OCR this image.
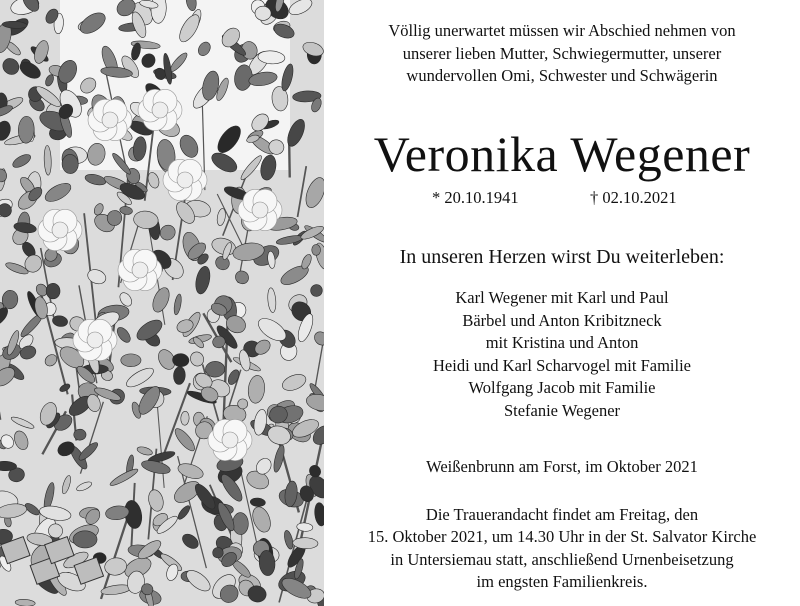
Völlig unerwartet müssen wir Abschied nehmen von
unserer lieben Mutter, Schwiegermutter, unserer
wundervollen Omi, Schwester und Schwägerin
Veronika Wegener
* 20.10.1941	† 02.10.2021
In unseren Herzen wirst Du weiterleben:
Karl Wegener mit Karl und Paul
Bärbel und Anton Kribitzneck
mit Kristina und Anton
Heidi und Karl Scharvogel mit Familie
Wolfgang Jacob mit Familie
Stefanie Wegener
Weißenbrunn am Forst, im Oktober 2021
Die Trauerandacht findet am Freitag, den
15. Oktober 2021, um 14.30 Uhr in der St. Salvator Kirche
in Untersiemau statt, anschließend Urnenbeisetzung
im engsten Familienkreis.
